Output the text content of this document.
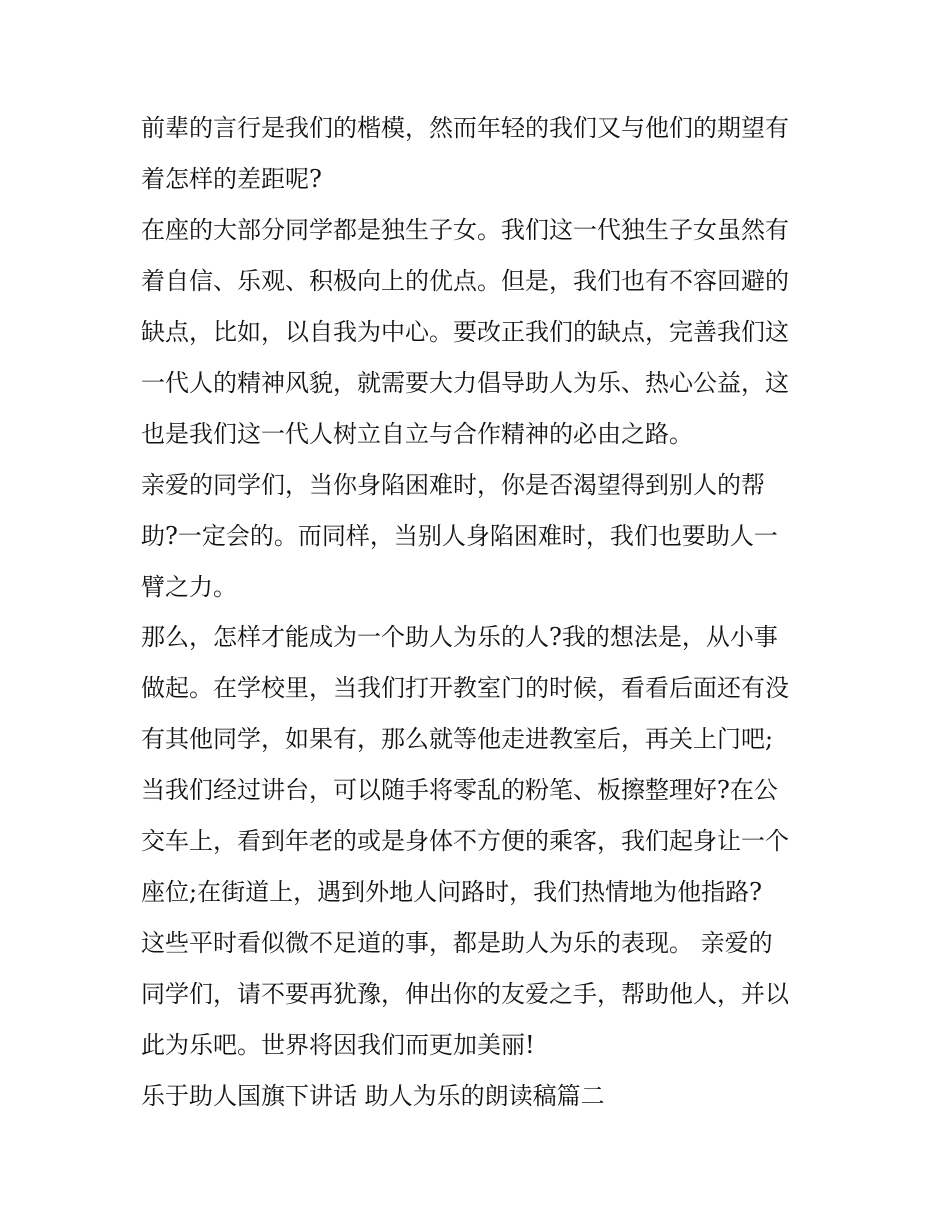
前辈的言行是我们的楷模，然而年轻的我们又与他们的期望有
着怎样的差距呢?
在座的大部分同学都是独生子女。我们这一代独生子女虽然有
着自信、乐观、积极向上的优点。但是，我们也有不容回避的
缺点，比如，以自我为中心。要改正我们的缺点，完善我们这
一代人的精神风貌，就需要大力倡导助人为乐、热心公益，这
也是我们这一代人树立自立与合作精神的必由之路。
亲爱的同学们，当你身陷困难时，你是否渴望得到别人的帮
助?一定会的。而同样，当别人身陷困难时，我们也要助人一
臂之力。
那么，怎样才能成为一个助人为乐的人?我的想法是，从小事
做起。在学校里，当我们打开教室门的时候，看看后面还有没
有其他同学，如果有，那么就等他走进教室后，再关上门吧;
当我们经过讲台，可以随手将零乱的粉笔、板擦整理好?在公
交车上，看到年老的或是身体不方便的乘客，我们起身让一个
座位;在街道上，遇到外地人问路时，我们热情地为他指路?
这些平时看似微不足道的事，都是助人为乐的表现。 亲爱的
同学们，请不要再犹豫，伸出你的友爱之手，帮助他人，并以
此为乐吧。世界将因我们而更加美丽!
乐于助人国旗下讲话 助人为乐的朗读稿篇二
